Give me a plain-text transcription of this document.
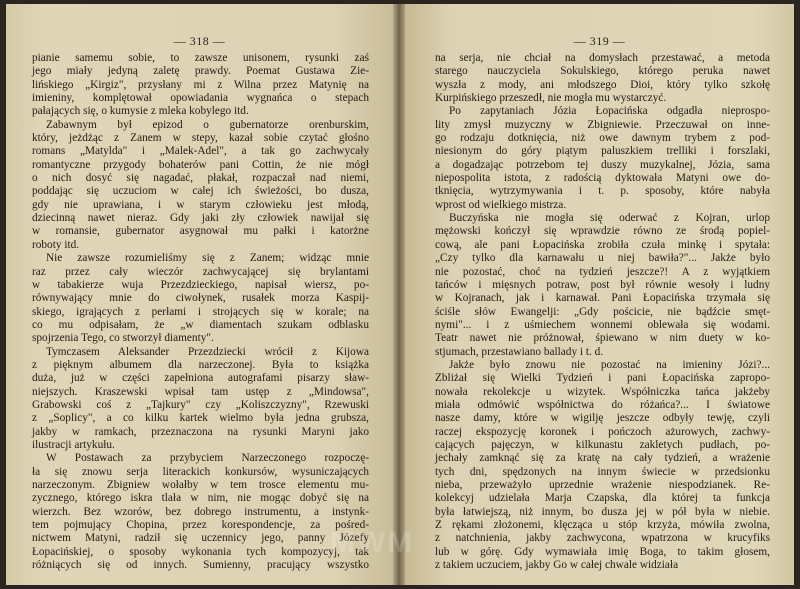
— 318 —
pianie samemu sobie, to zawsze unisonem, rysunki zaś
jego miały jedyną zaletę prawdy. Poemat Gustawa Zie-
lińskiego „Kirgiz", przysłany mi z Wilna przez Matynię na
imieniny, komplętował opowiadania wygnańca o stepach
pałających się, o kumysie z mleka kobylego itd.
Zabawnym był epizod o gubernatorze orenburskim,
który, jeżdżąc z Zanem w stepy, kazał sobie czytać głośno
romans „Matylda" i „Malek-Adel", a tak go zachwycały
romantyczne przygody bohaterów pani Cottin, że nie mógł
o nich dosyć się nagadać, płakał, rozpaczał nad niemi,
poddając się uczuciom w całej ich świeżości, bo dusza,
gdy nie uprawiana, i w starym człowieku jest młodą,
dziecinną nawet nieraz. Gdy jaki zły człowiek nawijał się
w romansie, gubernator asygnował mu pałki i katorżne
roboty itd.
Nie zawsze rozumieliśmy się z Zanem; widząc mnie
raz przez cały wieczór zachwycającej się brylantami
w tabakierze wuja Przezdzieckiego, napisał wiersz, po-
równywający mnie do ciwołynek, rusałek morza Kaspij-
skiego, igrających z perłami i strojących się w korale; na
co mu odpisałam, że „w diamentach szukam odblasku
spojrzenia Tego, co stworzył diamenty".
Tymczasem Aleksander Przezdziecki wrócił z Kijowa
z pięknym albumem dla narzeczonej. Była to książka
duża, już w części zapełniona autografami pisarzy sław-
niejszych. Kraszewski wpisał tam ustęp z „Mindowsa",
Grabowski coś z „Tajkury" czy „Koliszczyzny", Rzewuski
z „Soplicy", a co kilku kartek wielmo była jedna grubsza,
jakby w ramkach, przeznaczona na rysunki Maryni jako
ilustracji artykułu.
W Postawach za przybyciem Narzeczonego rozpoczę-
ła się znowu serja literackich konkursów, wysuniczających
narzeczonym. Zbigniew wołałby w tem trosce elementu mu-
zycznego, którego iskra tlała w nim, nie mogąc dobyć się na
wierzch. Bez wzorów, bez dobrego instrumentu, a instynk-
tem pojmujący Chopina, przez korespondencje, za pośred-
nictwem Matyni, radził się uczennicy jego, panny Józefy
Łopacińskiej, o sposoby wykonania tych kompozycyj, tak
różniących się od innych. Sumienny, pracujący wszystko
— 319 —
na serja, nie chciał na domysłach przestawać, a metoda
starego nauczyciela Sokulskiego, którego peruka nawet
wyszła z mody, ani młodszego Dioi, który tylko szkołę
Kurpińskiego przeszedł, nie mogła mu wystarczyć.
Po zapytaniach Józia Łopacińska odgadła nieprospo-
lity zmysł muzyczny w Zbigniewie. Przeczuwał on inne-
go rodzaju dotknięcia, niż owe dawnym trybem z pod-
niesionym do góry piątym paluszkiem trelliki i forszlaki,
a dogadzając potrzebom tej duszy muzykalnej, Józia, sama
niepospolita istota, z radością dyktowała Matyni owe do-
tknięcia, wytrzymywania i t. p. sposoby, które nabyła
wprost od wielkiego mistrza.
Buczyńska nie mogła się oderwać z Kojran, urlop
mężowski kończył się wprawdzie równo ze środą popiel-
cową, ale pani Łopacińska zrobiła czuła minkę i spytała:
„Czy tylko dla karnawału u niej bawiła?"... Jakże było
nie pozostać, choć na tydzień jeszcze?! A z wyjątkiem
tańców i mięsnych potraw, post był równie wesoły i ludny
w Kojranach, jak i karnawał. Pani Łopacińska trzymała się
ściśle słów Ewangelji: „Gdy pościcie, nie bądźcie smęt-
nymi"... i z uśmiechem wonnemi oblewała się wodami.
Teatr nawet nie próżnował, śpiewano w nim duety w ko-
stjumach, przestawiano ballady i t. d.
Jakże było znowu nie pozostać na imieniny Józi?...
Zbliżał się Wielki Tydzień i pani Łopacińska zapropo-
nowała rekolekcje u wizytek. Współniczka tańca jakżeby
miała odmówić współnictwa do różańca?... I światowe
nasze damy, które w wigilję jeszcze odbyły tewję, czyli
raczej ekspozycję koronek i pończoch ażurowych, zachwy-
cających pajęczyn, w kilkunastu zakletych pudłach, po-
jechały zamknąć się za kratę na cały tydzień, a wrażenie
tych dni, spędzonych na innym świecie w przedsionku
nieba, przeważyło uprzednie wrażenie niespodzianek. Re-
kolekcyj udzielała Marja Czapska, dla której ta funkcja
była łatwiejszą, niż innym, bo dusza jej w pół była w niebie.
Z rękami złożonemi, klęcząca u stóp krzyża, mówiła zwolna,
z natchnienia, jakby zachwycona, wpatrzona w krucyfiks
lub w górę. Gdy wymawiała imię Boga, to takim głosem,
z takiem uczuciem, jakby Go w całej chwale widziała
MWM
